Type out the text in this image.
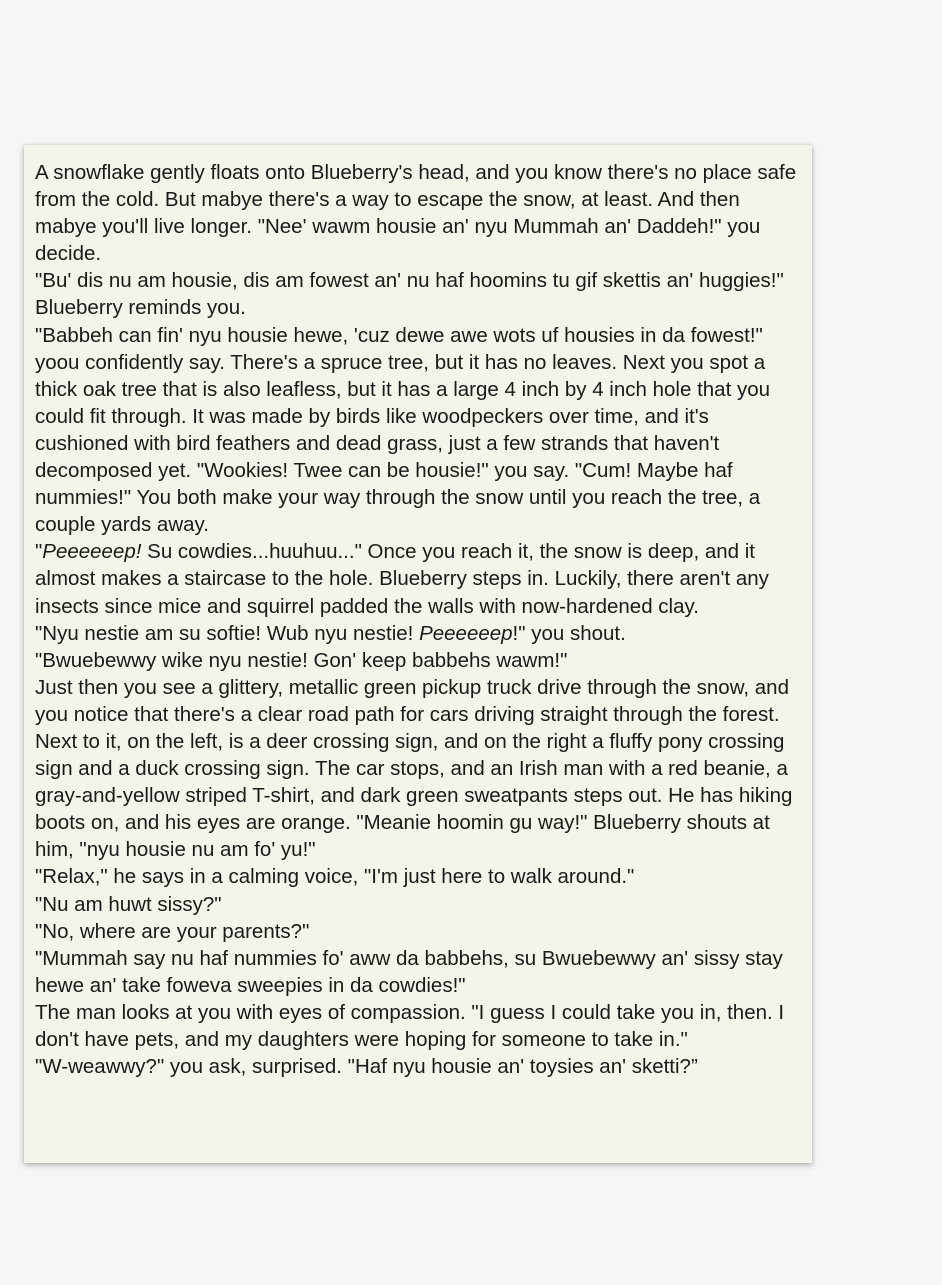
A snowflake gently floats onto Blueberry's head, and you know there's no place safe from the cold. But mabye there's a way to escape the snow, at least. And then mabye you'll live longer. "Nee' wawm housie an' nyu Mummah an' Daddeh!" you decide.

"Bu' dis nu am housie, dis am fowest an' nu haf hoomins tu gif skettis an' huggies!" Blueberry reminds you.

"Babbeh can fin' nyu housie hewe, 'cuz dewe awe wots uf housies in da fowest!" yoou confidently say. There's a spruce tree, but it has no leaves. Next you spot a thick oak tree that is also leafless, but it has a large 4 inch by 4 inch hole that you could fit through. It was made by birds like woodpeckers over time, and it's cushioned with bird feathers and dead grass, just a few strands that haven't decomposed yet. "Wookies! Twee can be housie!" you say. "Cum! Maybe haf nummies!" You both make your way through the snow until you reach the tree, a couple yards away.

"Peeeeeep! Su cowdies...huuhuu..." Once you reach it, the snow is deep, and it almost makes a staircase to the hole. Blueberry steps in. Luckily, there aren't any insects since mice and squirrel padded the walls with now-hardened clay.

"Nyu nestie am su softie! Wub nyu nestie! Peeeeeep!" you shout.

"Bwuebewwy wike nyu nestie! Gon' keep babbehs wawm!"

Just then you see a glittery, metallic green pickup truck drive through the snow, and you notice that there's a clear road path for cars driving straight through the forest. Next to it, on the left, is a deer crossing sign, and on the right a fluffy pony crossing sign and a duck crossing sign. The car stops, and an Irish man with a red beanie, a gray-and-yellow striped T-shirt, and dark green sweatpants steps out. He has hiking boots on, and his eyes are orange. "Meanie hoomin gu way!" Blueberry shouts at him, "nyu housie nu am fo' yu!"

"Relax," he says in a calming voice, "I'm just here to walk around."

"Nu am huwt sissy?"

"No, where are your parents?"

"Mummah say nu haf nummies fo' aww da babbehs, su Bwuebewwy an' sissy stay hewe an' take foweva sweepies in da cowdies!"

The man looks at you with eyes of compassion. "I guess I could take you in, then. I don't have pets, and my daughters were hoping for someone to take in."

"W-weawwy?" you ask, surprised. "Haf nyu housie an' toysies an' sketti?”
